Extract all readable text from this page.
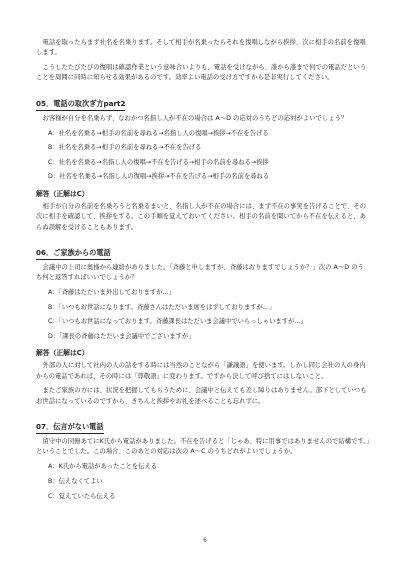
電話を取ったらまず社名を名乗ります。そして相手が名乗ったらそれを復唱しながら挨拶、次に相手の名前を復唱します。

こうしたたびたびの復唱は確認作業という意味合いよりも、電話を受けながら、誰から誰まで何での電話だということを周囲に同時に知らせる効果があるのです。効率よい電話の受け方ですから是非実行してください。

05．電話の取次ぎ方part2

お客様が自分を名乗らず、なおかつ名指し人が不在の場合は A～D の応対のうちどの応対がよいでしょう？

A：社名を名乗る→相手の名前を尋ねる→名指し人の復唱→挨拶→不在を告げる
B：社名を名乗る→相手の名前を尋ねる→不在を告げる
C：社名を名乗る→名指し人の復唱→不在を告げる→相手の名前を尋ねる→挨拶
D：社名を名乗る→名指し人の復唱→挨拶→不在を告げる→相手の名前を尋ねる
解答（正解はC）

相手が自分の名前を名乗ろうと名乗るまいと、名指し人が不在の場合には、まず不在の事実を告げることで、その次に相手を確認して、挨拶をする。この手順を覚えておいてください。相手の名前を聞いてから不在を伝えると、あらぬ誤解を受けることもあります。

06．ご家族からの電話

会議中の上司に奥様から連絡がありました。「斉藤と申しますが、斉藤はおりますでしょうか？」次の A～D のうち何と返答すればいいでしょうか？

A：「斉藤はただいま外出しておりますが…」
B：「いつもお世話になります。斉藤さんはただいま席をはずしておりますが…」
C：「いつもお世話になっております。斉藤課長はただいま会議中でいらっしゃいますが…」
D：「課長の斉藤はただいま会議中でございますが」
解答（正解はC）

外部の人に対して社内の人の話をする時には当然のことながら「謙譲語」を使います。しかし同じ会社の人の身内からの電話であれば、その時には「尊敬語」に変わります。ですから決して呼び捨てにはしないこと。

またご家族の方には、状況を把握してもらうために、会議中と伝えても差し障りはありません。部下としていつもお世話になっているのですから、きちんと挨拶やお礼を述べることも忘れずに。

07．伝言がない電話

留守中の同僚あてにK氏から電話がありました。不在を告げると「じゃあ、特に用事ではありませんので結構です。」ということでした。この場合、このあとの対応は次の A～C のうちどれがよいでしょうか。

A：K氏から電話があったことを伝える
B：伝えなくてよい
C：覚えていたら伝える
6
